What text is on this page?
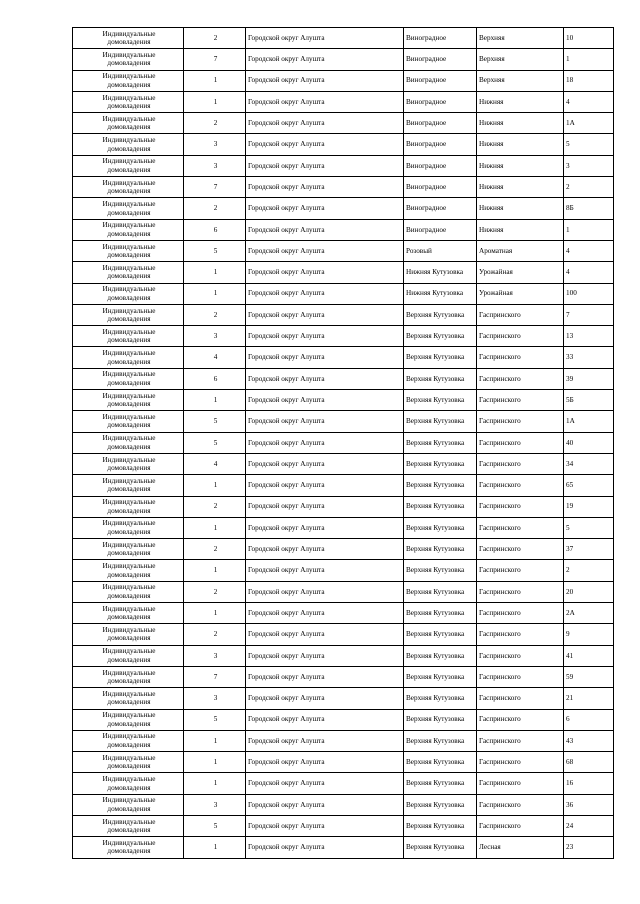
Индивидуальные
домовладения	2	Городской округ Алушта	Виноградное	Верхняя	10

Индивидуальные
домовладения	7	Городской округ Алушта	Виноградное	Верхняя	1

Индивидуальные
домовладения	1	Городской округ Алушта	Виноградное	Верхняя	18

Индивидуальные
домовладения	1	Городской округ Алушта	Виноградное	Нижняя	4

Индивидуальные
домовладения	2	Городской округ Алушта	Виноградное	Нижняя	1А

Индивидуальные
домовладения	3	Городской округ Алушта	Виноградное	Нижняя	5

Индивидуальные
домовладения	3	Городской округ Алушта	Виноградное	Нижняя	3

Индивидуальные
домовладения	7	Городской округ Алушта	Виноградное	Нижняя	2

Индивидуальные
домовладения	2	Городской округ Алушта	Виноградное	Нижняя	8Б

Индивидуальные
домовладения	6	Городской округ Алушта	Виноградное	Нижняя	1

Индивидуальные
домовладения	5	Городской округ Алушта	Розовый	Ароматная	4

Индивидуальные
домовладения	1	Городской округ Алушта	Нижняя Кутузовка	Урожайная	4

Индивидуальные
домовладения	1	Городской округ Алушта	Нижняя Кутузовка	Урожайная	100

Индивидуальные
домовладения	2	Городской округ Алушта	Верхняя Кутузовка	Гаспринского	7

Индивидуальные
домовладения	3	Городской округ Алушта	Верхняя Кутузовка	Гаспринского	13

Индивидуальные
домовладения	4	Городской округ Алушта	Верхняя Кутузовка	Гаспринского	33

Индивидуальные
домовладения	6	Городской округ Алушта	Верхняя Кутузовка	Гаспринского	39

Индивидуальные
домовладения	1	Городской округ Алушта	Верхняя Кутузовка	Гаспринского	5Б

Индивидуальные
домовладения	5	Городской округ Алушта	Верхняя Кутузовка	Гаспринского	1А

Индивидуальные
домовладения	5	Городской округ Алушта	Верхняя Кутузовка	Гаспринского	40

Индивидуальные
домовладения	4	Городской округ Алушта	Верхняя Кутузовка	Гаспринского	34

Индивидуальные
домовладения	1	Городской округ Алушта	Верхняя Кутузовка	Гаспринского	65

Индивидуальные
домовладения	2	Городской округ Алушта	Верхняя Кутузовка	Гаспринского	19

Индивидуальные
домовладения	1	Городской округ Алушта	Верхняя Кутузовка	Гаспринского	5

Индивидуальные
домовладения	2	Городской округ Алушта	Верхняя Кутузовка	Гаспринского	37

Индивидуальные
домовладения	1	Городской округ Алушта	Верхняя Кутузовка	Гаспринского	2

Индивидуальные
домовладения	2	Городской округ Алушта	Верхняя Кутузовка	Гаспринского	20

Индивидуальные
домовладения	1	Городской округ Алушта	Верхняя Кутузовка	Гаспринского	2А

Индивидуальные
домовладения	2	Городской округ Алушта	Верхняя Кутузовка	Гаспринского	9

Индивидуальные
домовладения	3	Городской округ Алушта	Верхняя Кутузовка	Гаспринского	41

Индивидуальные
домовладения	7	Городской округ Алушта	Верхняя Кутузовка	Гаспринского	59

Индивидуальные
домовладения	3	Городской округ Алушта	Верхняя Кутузовка	Гаспринского	21

Индивидуальные
домовладения	5	Городской округ Алушта	Верхняя Кутузовка	Гаспринского	6

Индивидуальные
домовладения	1	Городской округ Алушта	Верхняя Кутузовка	Гаспринского	43

Индивидуальные
домовладения	1	Городской округ Алушта	Верхняя Кутузовка	Гаспринского	68

Индивидуальные
домовладения	1	Городской округ Алушта	Верхняя Кутузовка	Гаспринского	16

Индивидуальные
домовладения	3	Городской округ Алушта	Верхняя Кутузовка	Гаспринского	36

Индивидуальные
домовладения	5	Городской округ Алушта	Верхняя Кутузовка	Гаспринского	24

Индивидуальные
домовладения	1	Городской округ Алушта	Верхняя Кутузовка	Лесная	23
